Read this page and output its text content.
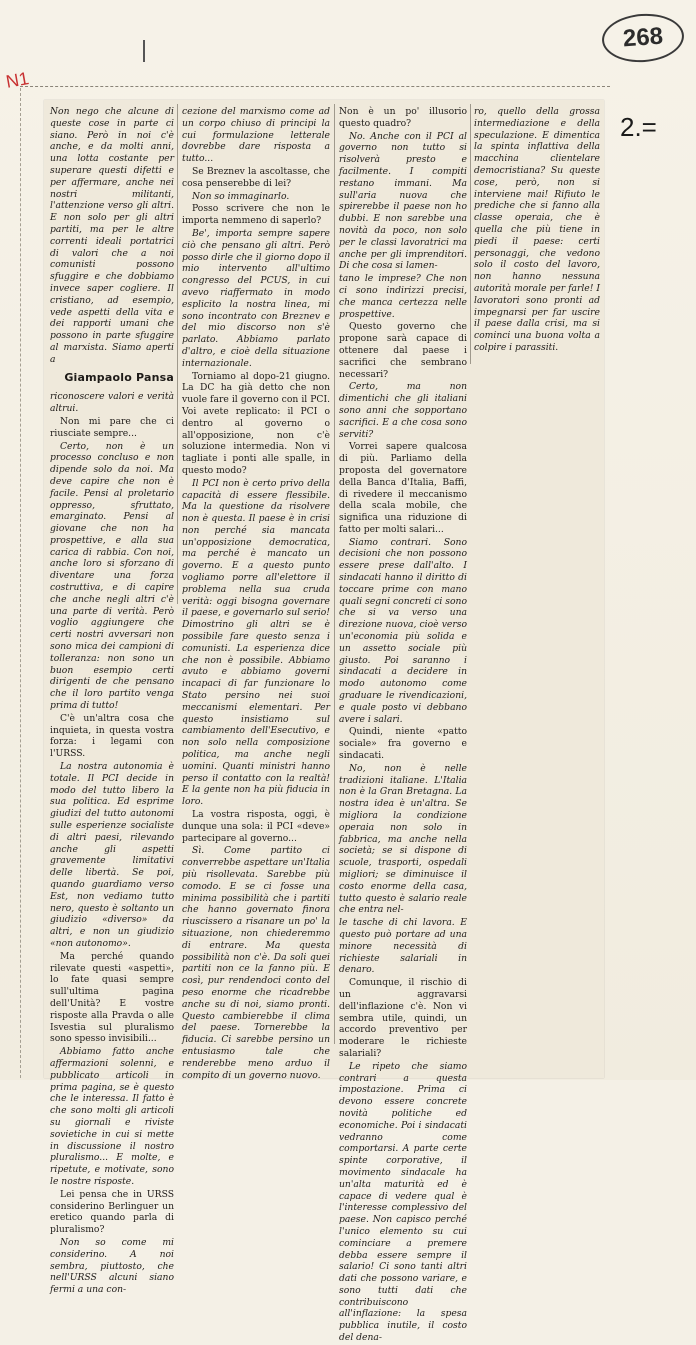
268
N1
2.=

Non nego che alcune di queste cose in parte ci siano. Però in noi c'è anche, e da molti anni, una lotta costante per superare questi difetti e per affermare, anche nei nostri militanti, l'attenzione verso gli altri. E non solo per gli altri partiti, ma per le altre correnti ideali portatrici di valori che a noi comunisti possono sfuggire e che dobbiamo invece saper cogliere. Il cristiano, ad esempio, vede aspetti della vita e dei rapporti umani che possono in parte sfuggire al marxista. Siamo aperti a

Giampaolo Pansa

riconoscere valori e verità altrui.

Non mi pare che ci riusciate sempre...

Certo, non è un processo concluso e non dipende solo da noi. Ma deve capire che non è facile. Pensi al proletario oppresso, sfruttato, emarginato. Pensi al giovane che non ha prospettive, e alla sua carica di rabbia. Con noi, anche loro si sforzano di diventare una forza costruttiva, e di capire che anche negli altri c'è una parte di verità. Però voglio aggiungere che certi nostri avversari non sono mica dei campioni di tolleranza: non sono un buon esempio certi dirigenti de che pensano che il loro partito venga prima di tutto!

C'è un'altra cosa che inquieta, in questa vostra forza: i legami con l'URSS.

La nostra autonomia è totale. Il PCI decide in modo del tutto libero la sua politica. Ed esprime giudizi del tutto autonomi sulle esperienze socialiste di altri paesi, rilevando anche gli aspetti gravemente limitativi delle libertà. Se poi, quando guardiamo verso Est, non vediamo tutto nero, questo è soltanto un giudizio «diverso» da altri, e non un giudizio «non autonomo».

Ma perché quando rilevate questi «aspetti», lo fate quasi sempre sull'ultima pagina dell'Unità? E vostre risposte alla Pravda o alle Isvestia sul pluralismo sono spesso invisibili...

Abbiamo fatto anche affermazioni solenni, e pubblicato articoli in prima pagina, se è questo che le interessa. Il fatto è che sono molti gli articoli su giornali e riviste sovietiche in cui si mette in discussione il nostro pluralismo... E molte, e ripetute, e motivate, sono le nostre risposte.

Lei pensa che in URSS considerino Berlinguer un eretico quando parla di pluralismo?

Non so come mi considerino. A noi sembra, piuttosto, che nell'URSS alcuni siano fermi a una con-

cezione del marxismo come ad un corpo chiuso di principi la cui formulazione letterale dovrebbe dare risposta a tutto...

Se Breznev la ascoltasse, che cosa penserebbe di lei?

Non so immaginarlo.

Posso scrivere che non le importa nemmeno di saperlo?

Be', importa sempre sapere ciò che pensano gli altri. Però posso dirle che il giorno dopo il mio intervento all'ultimo congresso del PCUS, in cui avevo riaffermato in modo esplicito la nostra linea, mi sono incontrato con Breznev e del mio discorso non s'è parlato. Abbiamo parlato d'altro, e cioè della situazione internazionale.

Torniamo al dopo-21 giugno. La DC ha già detto che non vuole fare il governo con il PCI. Voi avete replicato: il PCI o dentro al governo o all'opposizione, non c'è soluzione intermedia. Non vi tagliate i ponti alle spalle, in questo modo?

Il PCI non è certo privo della capacità di essere flessibile. Ma la questione da risolvere non è questa. Il paese è in crisi non perché sia mancata un'opposizione democratica, ma perché è mancato un governo. E a questo punto vogliamo porre all'elettore il problema nella sua cruda verità: oggi bisogna governare il paese, e governarlo sul serio! Dimostrino gli altri se è possibile fare questo senza i comunisti. La esperienza dice che non è possibile. Abbiamo avuto e abbiamo governi incapaci di far funzionare lo Stato persino nei suoi meccanismi elementari. Per questo insistiamo sul cambiamento dell'Esecutivo, e non solo nella composizione politica, ma anche negli uomini. Quanti ministri hanno perso il contatto con la realtà! E la gente non ha più fiducia in loro.

La vostra risposta, oggi, è dunque una sola: il PCI «deve» partecipare al governo...

Sì. Come partito ci converrebbe aspettare un'Italia più risollevata. Sarebbe più comodo. E se ci fosse una minima possibilità che i partiti che hanno governato finora riuscissero a risanare un po' la situazione, non chiederemmo di entrare. Ma questa possibilità non c'è. Da soli quei partiti non ce la fanno più. E così, pur rendendoci conto del peso enorme che ricadrebbe anche su di noi, siamo pronti. Questo cambierebbe il clima del paese. Tornerebbe la fiducia. Ci sarebbe persino un entusiasmo tale che renderebbe meno arduo il compito di un governo nuovo.

Non è un po' illusorio questo quadro?

No. Anche con il PCI al governo non tutto si risolverà presto e facilmente. I compiti restano immani. Ma sull'aria nuova che spirerebbe il paese non ho dubbi. E non sarebbe una novità da poco, non solo per le classi lavoratrici ma anche per gli imprenditori. Di che cosa si lamen-

tano le imprese? Che non ci sono indirizzi precisi, che manca certezza nelle prospettive.

Questo governo che propone sarà capace di ottenere dal paese i sacrifici che sembrano necessari?

Certo, ma non dimentichi che gli italiani sono anni che sopportano sacrifici. E a che cosa sono serviti?

Vorrei sapere qualcosa di più. Parliamo della proposta del governatore della Banca d'Italia, Baffi, di rivedere il meccanismo della scala mobile, che significa una riduzione di fatto per molti salari...

Siamo contrari. Sono decisioni che non possono essere prese dall'alto. I sindacati hanno il diritto di toccare prime con mano quali segni concreti ci sono che si va verso una direzione nuova, cioè verso un'economia più solida e un assetto sociale più giusto. Poi saranno i sindacati a decidere in modo autonomo come graduare le rivendicazioni, e quale posto vi debbano avere i salari.

Quindi, niente «patto sociale» fra governo e sindacati.

No, non è nelle tradizioni italiane. L'Italia non è la Gran Bretagna. La nostra idea è un'altra. Se migliora la condizione operaia non solo in fabbrica, ma anche nella società; se si dispone di scuole, trasporti, ospedali migliori; se diminuisce il costo enorme della casa, tutto questo è salario reale che entra nel-

le tasche di chi lavora. E questo può portare ad una minore necessità di richieste salariali in denaro.

Comunque, il rischio di un aggravarsi dell'inflazione c'è. Non vi sembra utile, quindi, un accordo preventivo per moderare le richieste salariali?

Le ripeto che siamo contrari a questa impostazione. Prima ci devono essere concrete novità politiche ed economiche. Poi i sindacati vedranno come comportarsi. A parte certe spinte corporative, il movimento sindacale ha un'alta maturità ed è capace di vedere qual è l'interesse complessivo del paese. Non capisco perché l'unico elemento su cui cominciare a premere debba essere sempre il salario! Ci sono tanti altri dati che possono variare, e sono tutti dati che contribuiscono all'inflazione: la spesa pubblica inutile, il costo del dena-

ro, quello della grossa intermediazione e della speculazione. E dimentica la spinta inflattiva della macchina clientelare democristiana? Su queste cose, però, non si interviene mai! Rifiuto le prediche che si fanno alla classe operaia, che è quella che più tiene in piedi il paese: certi personaggi, che vedono solo il costo del lavoro, non hanno nessuna autorità morale per farle! I lavoratori sono pronti ad impegnarsi per far uscire il paese dalla crisi, ma si cominci una buona volta a colpire i parassiti.
